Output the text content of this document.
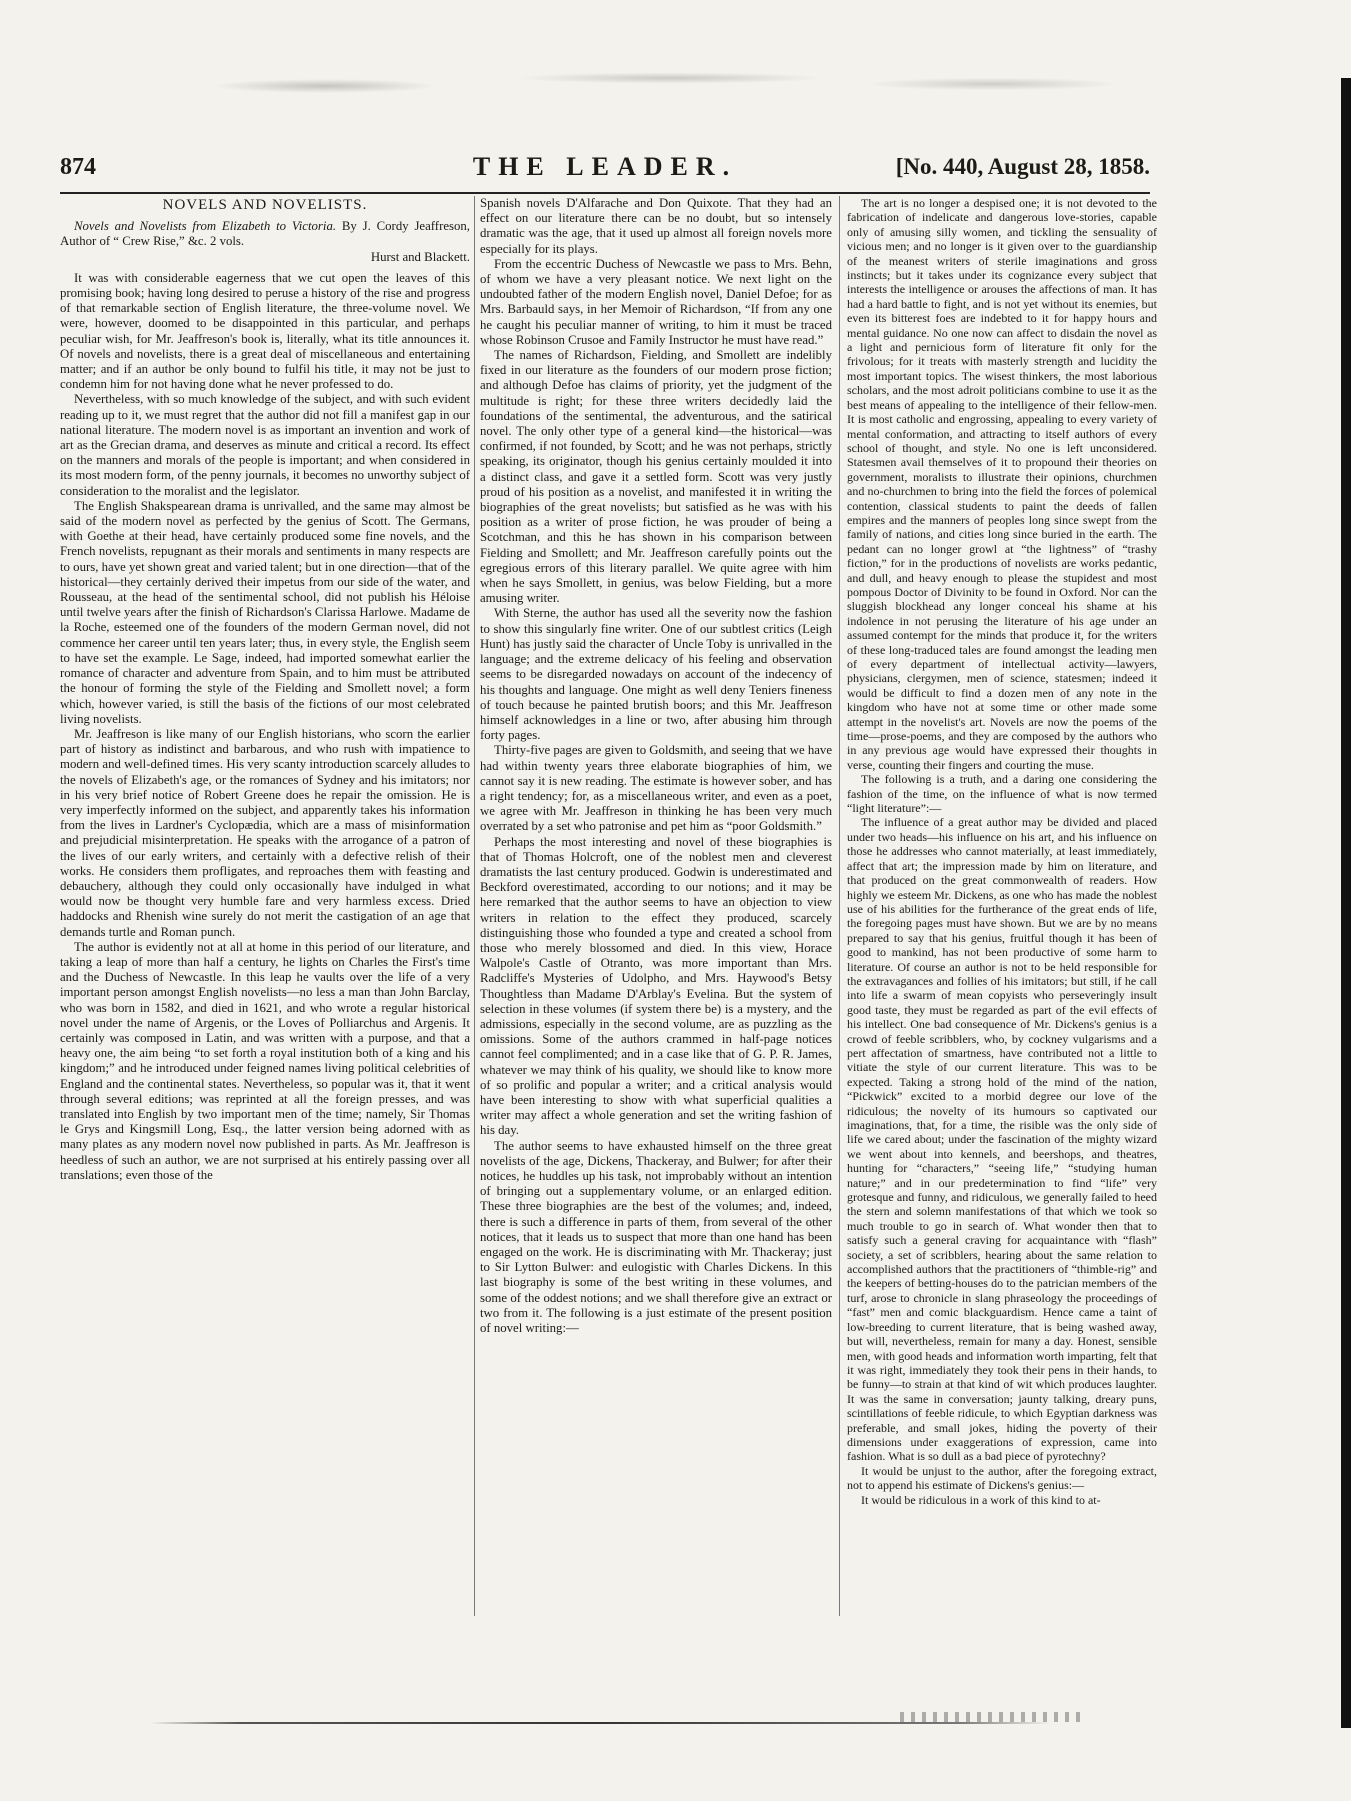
874	THE LEADER.	[No. 440, August 28, 1858.
NOVELS AND NOVELISTS.
Novels and Novelists from Elizabeth to Victoria. By J. Cordy Jeaffreson, Author of “ Crew Rise,” &c. 2 vols.
Hurst and Blackett.

It was with considerable eagerness that we cut open the leaves of this promising book; having long desired to peruse a history of the rise and progress of that remarkable section of English literature, the three-volume novel. We were, however, doomed to be disappointed in this particular, and perhaps peculiar wish, for Mr. Jeaffreson's book is, literally, what its title announces it. Of novels and novelists, there is a great deal of miscellaneous and entertaining matter; and if an author be only bound to fulfil his title, it may not be just to condemn him for not having done what he never professed to do.

Nevertheless, with so much knowledge of the subject, and with such evident reading up to it, we must regret that the author did not fill a manifest gap in our national literature. The modern novel is as important an invention and work of art as the Grecian drama, and deserves as minute and critical a record. Its effect on the manners and morals of the people is important; and when considered in its most modern form, of the penny journals, it becomes no unworthy subject of consideration to the moralist and the legislator.

The English Shakspearean drama is unrivalled, and the same may almost be said of the modern novel as perfected by the genius of Scott. The Germans, with Goethe at their head, have certainly produced some fine novels, and the French novelists, repugnant as their morals and sentiments in many respects are to ours, have yet shown great and varied talent; but in one direction—that of the historical—they certainly derived their impetus from our side of the water, and Rousseau, at the head of the sentimental school, did not publish his Héloise until twelve years after the finish of Richardson's Clarissa Harlowe. Madame de la Roche, esteemed one of the founders of the modern German novel, did not commence her career until ten years later; thus, in every style, the English seem to have set the example. Le Sage, indeed, had imported somewhat earlier the romance of character and adventure from Spain, and to him must be attributed the honour of forming the style of the Fielding and Smollett novel; a form which, however varied, is still the basis of the fictions of our most celebrated living novelists.

Mr. Jeaffreson is like many of our English historians, who scorn the earlier part of history as indistinct and barbarous, and who rush with impatience to modern and well-defined times. His very scanty introduction scarcely alludes to the novels of Elizabeth's age, or the romances of Sydney and his imitators; nor in his very brief notice of Robert Greene does he repair the omission. He is very imperfectly informed on the subject, and apparently takes his information from the lives in Lardner's Cyclopædia, which are a mass of misinformation and prejudicial misinterpretation. He speaks with the arrogance of a patron of the lives of our early writers, and certainly with a defective relish of their works. He considers them profligates, and reproaches them with feasting and debauchery, although they could only occasionally have indulged in what would now be thought very humble fare and very harmless excess. Dried haddocks and Rhenish wine surely do not merit the castigation of an age that demands turtle and Roman punch.

The author is evidently not at all at home in this period of our literature, and taking a leap of more than half a century, he lights on Charles the First's time and the Duchess of Newcastle. In this leap he vaults over the life of a very important person amongst English novelists—no less a man than John Barclay, who was born in 1582, and died in 1621, and who wrote a regular historical novel under the name of Argenis, or the Loves of Polliarchus and Argenis. It certainly was composed in Latin, and was written with a purpose, and that a heavy one, the aim being “to set forth a royal institution both of a king and his kingdom;” and he introduced under feigned names living political celebrities of England and the continental states. Nevertheless, so popular was it, that it went through several editions; was reprinted at all the foreign presses, and was translated into English by two important men of the time; namely, Sir Thomas le Grys and Kingsmill Long, Esq., the latter version being adorned with as many plates as any modern novel now published in parts. As Mr. Jeaffreson is heedless of such an author, we are not surprised at his entirely passing over all translations; even those of the

Spanish novels D'Alfarache and Don Quixote. That they had an effect on our literature there can be no doubt, but so intensely dramatic was the age, that it used up almost all foreign novels more especially for its plays.

From the eccentric Duchess of Newcastle we pass to Mrs. Behn, of whom we have a very pleasant notice. We next light on the undoubted father of the modern English novel, Daniel Defoe; for as Mrs. Barbauld says, in her Memoir of Richardson, “If from any one he caught his peculiar manner of writing, to him it must be traced whose Robinson Crusoe and Family Instructor he must have read.”

The names of Richardson, Fielding, and Smollett are indelibly fixed in our literature as the founders of our modern prose fiction; and although Defoe has claims of priority, yet the judgment of the multitude is right; for these three writers decidedly laid the foundations of the sentimental, the adventurous, and the satirical novel. The only other type of a general kind—the historical—was confirmed, if not founded, by Scott; and he was not perhaps, strictly speaking, its originator, though his genius certainly moulded it into a distinct class, and gave it a settled form. Scott was very justly proud of his position as a novelist, and manifested it in writing the biographies of the great novelists; but satisfied as he was with his position as a writer of prose fiction, he was prouder of being a Scotchman, and this he has shown in his comparison between Fielding and Smollett; and Mr. Jeaffreson carefully points out the egregious errors of this literary parallel. We quite agree with him when he says Smollett, in genius, was below Fielding, but a more amusing writer.

With Sterne, the author has used all the severity now the fashion to show this singularly fine writer. One of our subtlest critics (Leigh Hunt) has justly said the character of Uncle Toby is unrivalled in the language; and the extreme delicacy of his feeling and observation seems to be disregarded nowadays on account of the indecency of his thoughts and language. One might as well deny Teniers fineness of touch because he painted brutish boors; and this Mr. Jeaffreson himself acknowledges in a line or two, after abusing him through forty pages.

Thirty-five pages are given to Goldsmith, and seeing that we have had within twenty years three elaborate biographies of him, we cannot say it is new reading. The estimate is however sober, and has a right tendency; for, as a miscellaneous writer, and even as a poet, we agree with Mr. Jeaffreson in thinking he has been very much overrated by a set who patronise and pet him as “poor Goldsmith.”

Perhaps the most interesting and novel of these biographies is that of Thomas Holcroft, one of the noblest men and cleverest dramatists the last century produced. Godwin is underestimated and Beckford overestimated, according to our notions; and it may be here remarked that the author seems to have an objection to view writers in relation to the effect they produced, scarcely distinguishing those who founded a type and created a school from those who merely blossomed and died. In this view, Horace Walpole's Castle of Otranto, was more important than Mrs. Radcliffe's Mysteries of Udolpho, and Mrs. Haywood's Betsy Thoughtless than Madame D'Arblay's Evelina. But the system of selection in these volumes (if system there be) is a mystery, and the admissions, especially in the second volume, are as puzzling as the omissions. Some of the authors crammed in half-page notices cannot feel complimented; and in a case like that of G. P. R. James, whatever we may think of his quality, we should like to know more of so prolific and popular a writer; and a critical analysis would have been interesting to show with what superficial qualities a writer may affect a whole generation and set the writing fashion of his day.

The author seems to have exhausted himself on the three great novelists of the age, Dickens, Thackeray, and Bulwer; for after their notices, he huddles up his task, not improbably without an intention of bringing out a supplementary volume, or an enlarged edition. These three biographies are the best of the volumes; and, indeed, there is such a difference in parts of them, from several of the other notices, that it leads us to suspect that more than one hand has been engaged on the work. He is discriminating with Mr. Thackeray; just to Sir Lytton Bulwer: and eulogistic with Charles Dickens. In this last biography is some of the best writing in these volumes, and some of the oddest notions; and we shall therefore give an extract or two from it. The following is a just estimate of the present position of novel writing:—

The art is no longer a despised one; it is not devoted to the fabrication of indelicate and dangerous love-stories, capable only of amusing silly women, and tickling the sensuality of vicious men; and no longer is it given over to the guardianship of the meanest writers of sterile imaginations and gross instincts; but it takes under its cognizance every subject that interests the intelligence or arouses the affections of man. It has had a hard battle to fight, and is not yet without its enemies, but even its bitterest foes are indebted to it for happy hours and mental guidance. No one now can affect to disdain the novel as a light and pernicious form of literature fit only for the frivolous; for it treats with masterly strength and lucidity the most important topics. The wisest thinkers, the most laborious scholars, and the most adroit politicians combine to use it as the best means of appealing to the intelligence of their fellow-men. It is most catholic and engrossing, appealing to every variety of mental conformation, and attracting to itself authors of every school of thought, and style. No one is left unconsidered. Statesmen avail themselves of it to propound their theories on government, moralists to illustrate their opinions, churchmen and no-churchmen to bring into the field the forces of polemical contention, classical students to paint the deeds of fallen empires and the manners of peoples long since swept from the family of nations, and cities long since buried in the earth. The pedant can no longer growl at “the lightness” of “trashy fiction,” for in the productions of novelists are works pedantic, and dull, and heavy enough to please the stupidest and most pompous Doctor of Divinity to be found in Oxford. Nor can the sluggish blockhead any longer conceal his shame at his indolence in not perusing the literature of his age under an assumed contempt for the minds that produce it, for the writers of these long-traduced tales are found amongst the leading men of every department of intellectual activity—lawyers, physicians, clergymen, men of science, statesmen; indeed it would be difficult to find a dozen men of any note in the kingdom who have not at some time or other made some attempt in the novelist's art. Novels are now the poems of the time—prose-poems, and they are composed by the authors who in any previous age would have expressed their thoughts in verse, counting their fingers and courting the muse.

The following is a truth, and a daring one considering the fashion of the time, on the influence of what is now termed “light literature”:—

The influence of a great author may be divided and placed under two heads—his influence on his art, and his influence on those he addresses who cannot materially, at least immediately, affect that art; the impression made by him on literature, and that produced on the great commonwealth of readers. How highly we esteem Mr. Dickens, as one who has made the noblest use of his abilities for the furtherance of the great ends of life, the foregoing pages must have shown. But we are by no means prepared to say that his genius, fruitful though it has been of good to mankind, has not been productive of some harm to literature. Of course an author is not to be held responsible for the extravagances and follies of his imitators; but still, if he call into life a swarm of mean copyists who perseveringly insult good taste, they must be regarded as part of the evil effects of his intellect. One bad consequence of Mr. Dickens's genius is a crowd of feeble scribblers, who, by cockney vulgarisms and a pert affectation of smartness, have contributed not a little to vitiate the style of our current literature. This was to be expected. Taking a strong hold of the mind of the nation, “Pickwick” excited to a morbid degree our love of the ridiculous; the novelty of its humours so captivated our imaginations, that, for a time, the risible was the only side of life we cared about; under the fascination of the mighty wizard we went about into kennels, and beershops, and theatres, hunting for “characters,” “seeing life,” “studying human nature;” and in our predetermination to find “life” very grotesque and funny, and ridiculous, we generally failed to heed the stern and solemn manifestations of that which we took so much trouble to go in search of. What wonder then that to satisfy such a general craving for acquaintance with “flash” society, a set of scribblers, hearing about the same relation to accomplished authors that the practitioners of “thimble-rig” and the keepers of betting-houses do to the patrician members of the turf, arose to chronicle in slang phraseology the proceedings of “fast” men and comic blackguardism. Hence came a taint of low-breeding to current literature, that is being washed away, but will, nevertheless, remain for many a day. Honest, sensible men, with good heads and information worth imparting, felt that it was right, immediately they took their pens in their hands, to be funny—to strain at that kind of wit which produces laughter. It was the same in conversation; jaunty talking, dreary puns, scintillations of feeble ridicule, to which Egyptian darkness was preferable, and small jokes, hiding the poverty of their dimensions under exaggerations of expression, came into fashion. What is so dull as a bad piece of pyrotechny?

It would be unjust to the author, after the foregoing extract, not to append his estimate of Dickens's genius:—

It would be ridiculous in a work of this kind to at-
